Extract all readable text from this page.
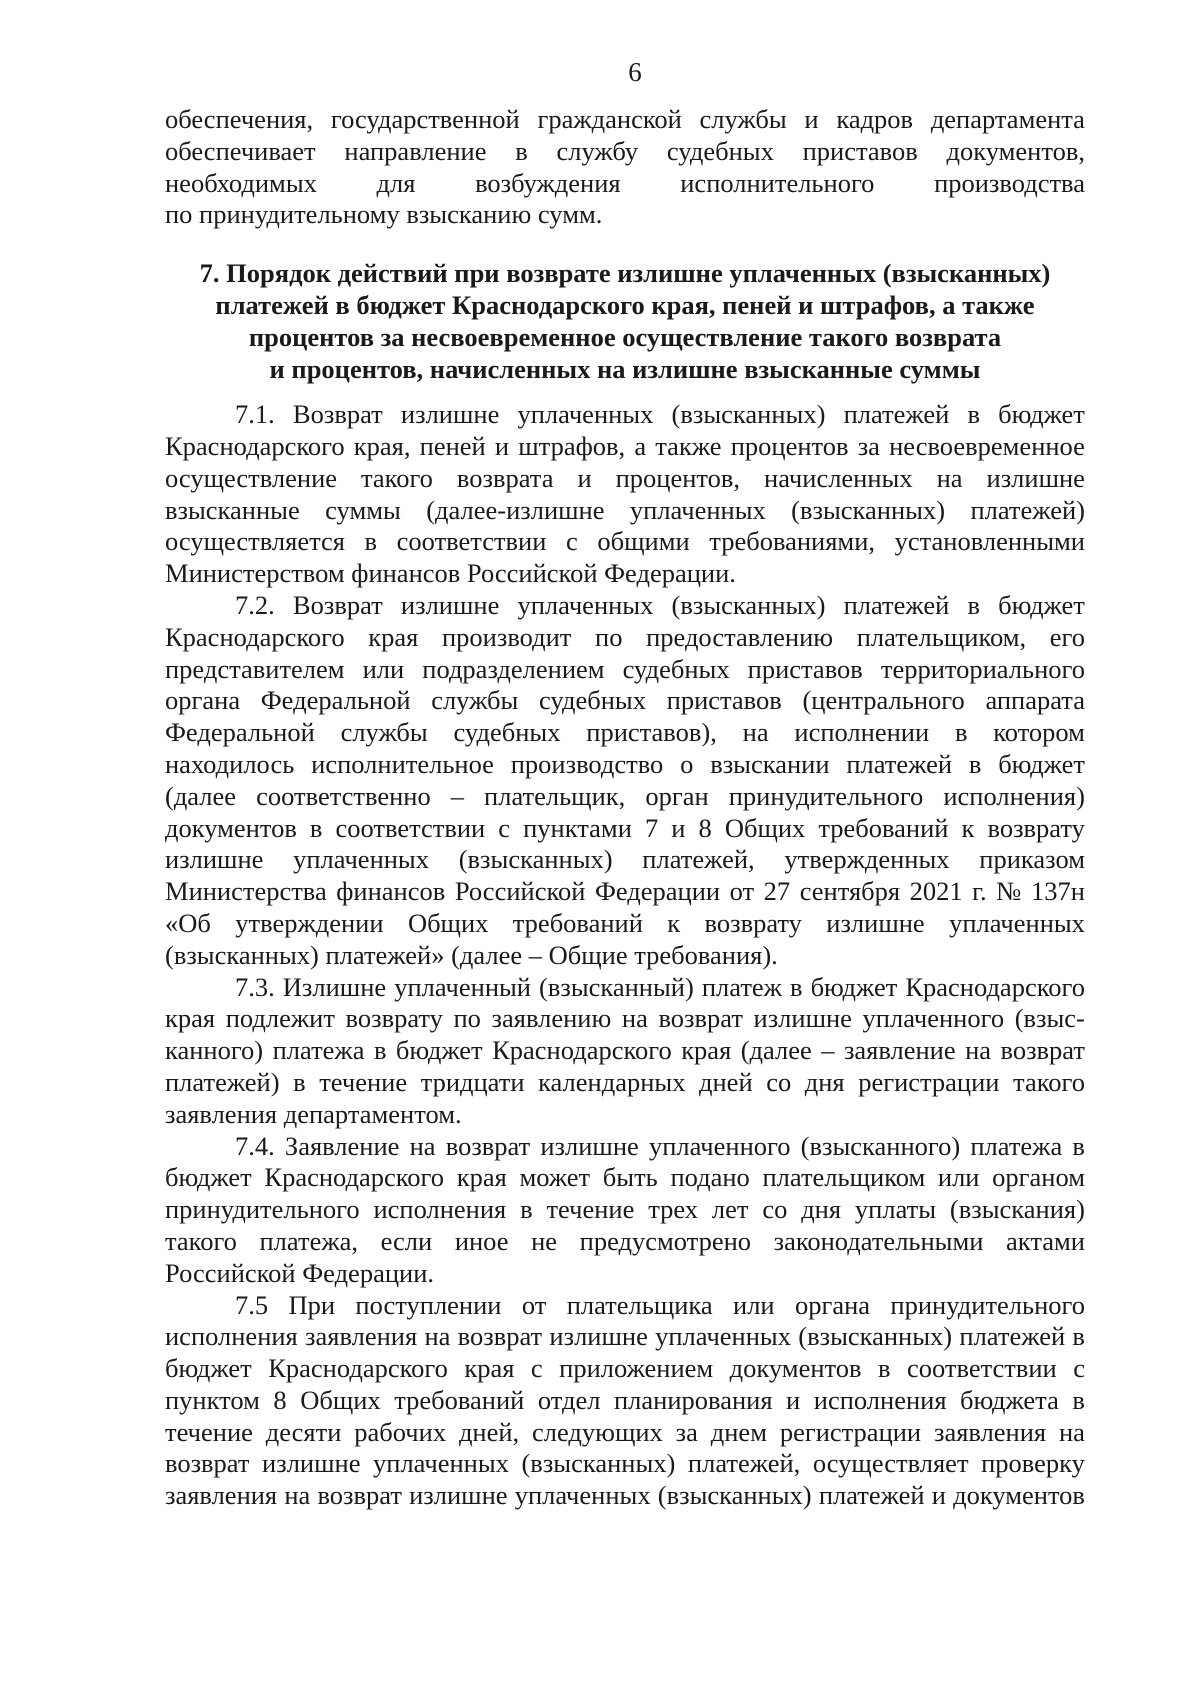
6
обеспечения, государственной гражданской службы и кадров департамента
обеспечивает направление в службу судебных приставов документов,
необходимых для возбуждения исполнительного производства
по принудительному взысканию сумм.
7. Порядок действий при возврате излишне уплаченных (взысканных)
платежей в бюджет Краснодарского края, пеней и штрафов, а также
процентов за несвоевременное осуществление такого возврата
и процентов, начисленных на излишне взысканные суммы
7.1. Возврат излишне уплаченных (взысканных) платежей в бюджет
Краснодарского края, пеней и штрафов, а также процентов за несвоевременное
осуществление такого возврата и процентов, начисленных на излишне
взысканные суммы (далее-излишне уплаченных (взысканных) платежей)
осуществляется в соответствии с общими требованиями, установленными
Министерством финансов Российской Федерации.
7.2. Возврат излишне уплаченных (взысканных) платежей в бюджет
Краснодарского края производит по предоставлению плательщиком, его
представителем или подразделением судебных приставов территориального
органа Федеральной службы судебных приставов (центрального аппарата
Федеральной службы судебных приставов), на исполнении в котором
находилось исполнительное производство о взыскании платежей в бюджет
(далее соответственно – плательщик, орган принудительного исполнения)
документов в соответствии с пунктами 7 и 8 Общих требований к возврату
излишне уплаченных (взысканных) платежей, утвержденных приказом
Министерства финансов Российской Федерации от 27 сентября 2021 г. № 137н
«Об утверждении Общих требований к возврату излишне уплаченных
(взысканных) платежей» (далее – Общие требования).
7.3. Излишне уплаченный (взысканный) платеж в бюджет Краснодарского
края подлежит возврату по заявлению на возврат излишне уплаченного (взыс-
канного) платежа в бюджет Краснодарского края (далее – заявление на возврат
платежей) в течение тридцати календарных дней со дня регистрации такого
заявления департаментом.
7.4. Заявление на возврат излишне уплаченного (взысканного) платежа в
бюджет Краснодарского края может быть подано плательщиком или органом
принудительного исполнения в течение трех лет со дня уплаты (взыскания)
такого платежа, если иное не предусмотрено законодательными актами
Российской Федерации.
7.5 При поступлении от плательщика или органа принудительного
исполнения заявления на возврат излишне уплаченных (взысканных) платежей в
бюджет Краснодарского края с приложением документов в соответствии с
пунктом 8 Общих требований отдел планирования и исполнения бюджета в
течение десяти рабочих дней, следующих за днем регистрации заявления на
возврат излишне уплаченных (взысканных) платежей, осуществляет проверку
заявления на возврат излишне уплаченных (взысканных) платежей и документов
